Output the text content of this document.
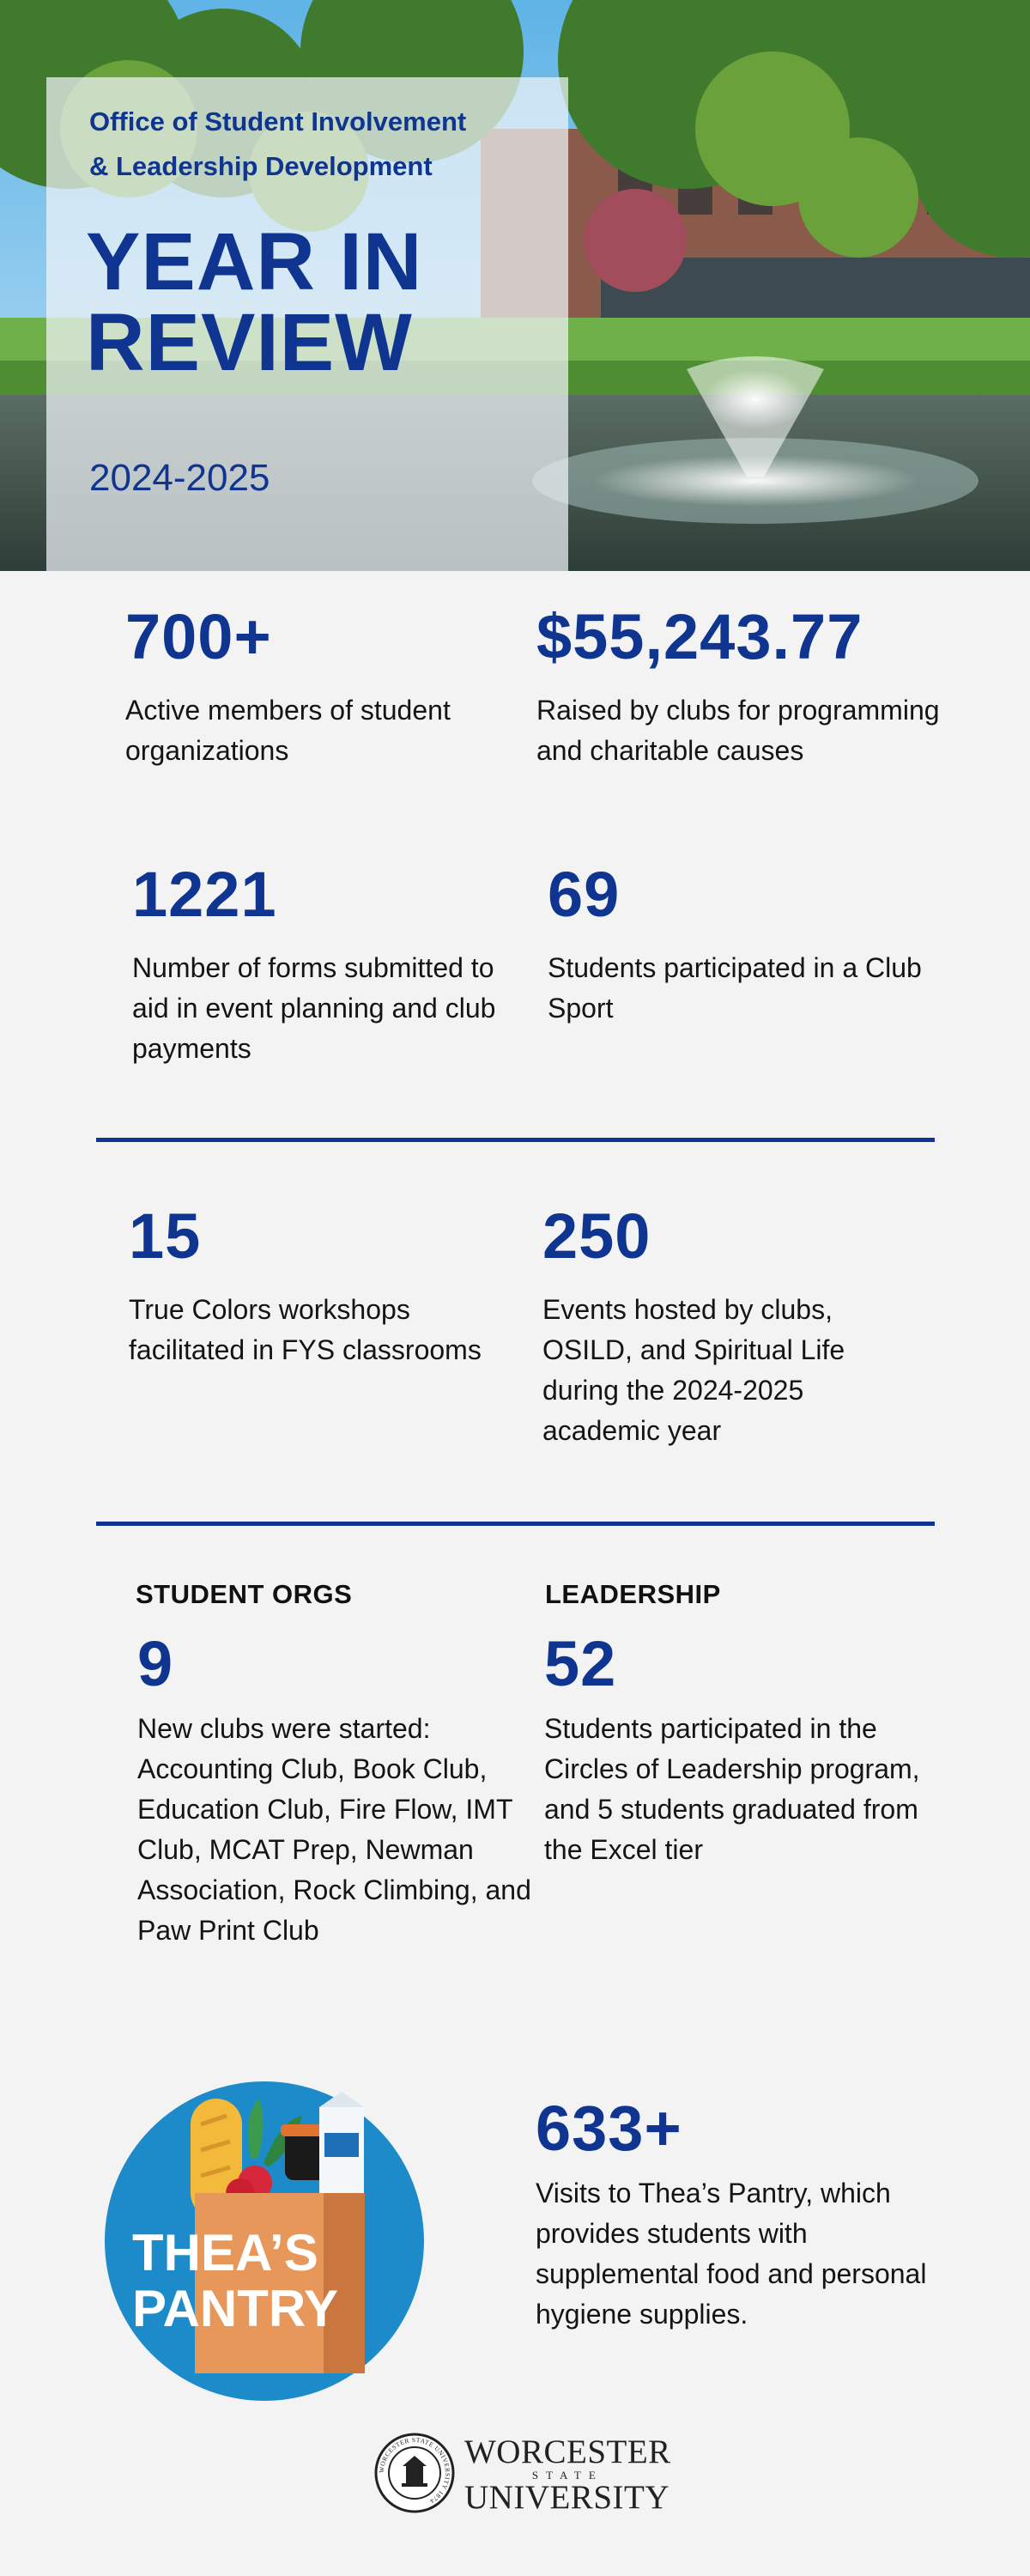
Office of Student Involvement
& Leadership Development
YEAR IN
REVIEW

2024-2025

700+

Active members of student organizations

$55,243.77

Raised by clubs for programming and charitable causes

1221

Number of forms submitted to aid in event planning and club payments

69

Students participated in a Club Sport

15

True Colors workshops facilitated in FYS classrooms

250

Events hosted by clubs, OSILD, and Spiritual Life during the 2024-2025 academic year

STUDENT ORGS

9

New clubs were started: Accounting Club, Book Club, Education Club, Fire Flow, IMT Club, MCAT Prep, Newman Association, Rock Climbing, and Paw Print Club

LEADERSHIP

52

Students participated in the Circles of Leadership program, and 5 students graduated from the Excel tier

THEA’S
PANTRY

633+

Visits to Thea’s Pantry, which provides students with supplemental food and personal hygiene supplies.

WORCESTER STATE UNIVERSITY 1874
WORCESTER
STATE
UNIVERSITY
